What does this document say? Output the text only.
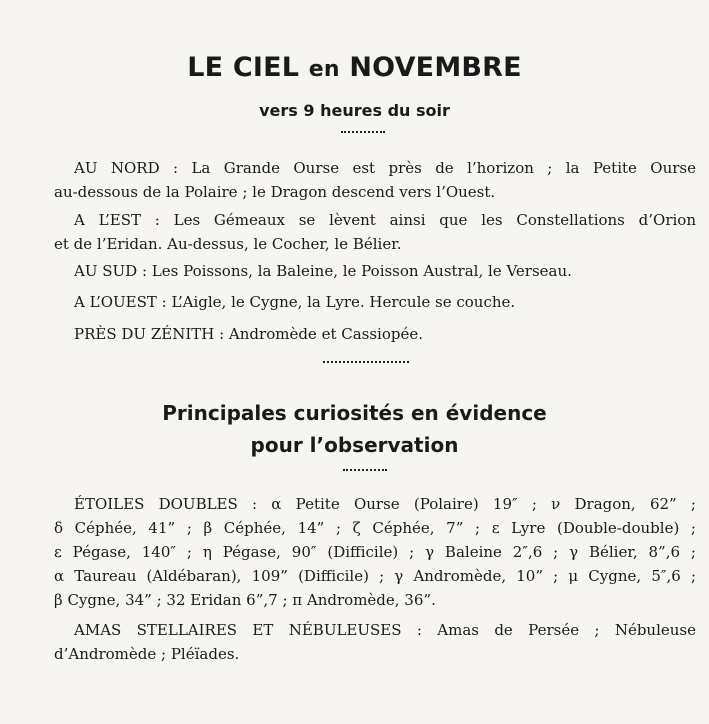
LE CIEL en NOVEMBRE
vers 9 heures du soir
AU NORD : La Grande Ourse est près de l’horizon ; la Petite Ourse
au-dessous de la Polaire ; le Dragon descend vers l’Ouest.
A L’EST : Les Gémeaux se lèvent ainsi que les Constellations d’Orion
et de l’Eridan. Au-dessus, le Cocher, le Bélier.
AU SUD : Les Poissons, la Baleine, le Poisson Austral, le Verseau.
A L’OUEST : L’Aigle, le Cygne, la Lyre. Hercule se couche.
PRÈS DU ZÉNITH : Andromède et Cassiopée.
Principales curiosités en évidence
pour l’observation
ÉTOILES DOUBLES : α Petite Ourse (Polaire) 19″ ; ν Dragon, 62” ;
δ Céphée, 41” ; β Céphée, 14” ; ζ Céphée, 7” ; ε Lyre (Double-double) ;
ε Pégase, 140″ ; η Pégase, 90″ (Difficile) ; γ Baleine 2″,6 ; γ Bélier, 8”,6 ;
α Taureau (Aldébaran), 109” (Difficile) ; γ Andromède, 10” ; μ Cygne, 5″,6 ;
β Cygne, 34” ; 32 Eridan 6”,7 ; π Andromède, 36”.
AMAS STELLAIRES ET NÉBULEUSES : Amas de Persée ; Nébuleuse
d’Andromède ; Pléïades.
